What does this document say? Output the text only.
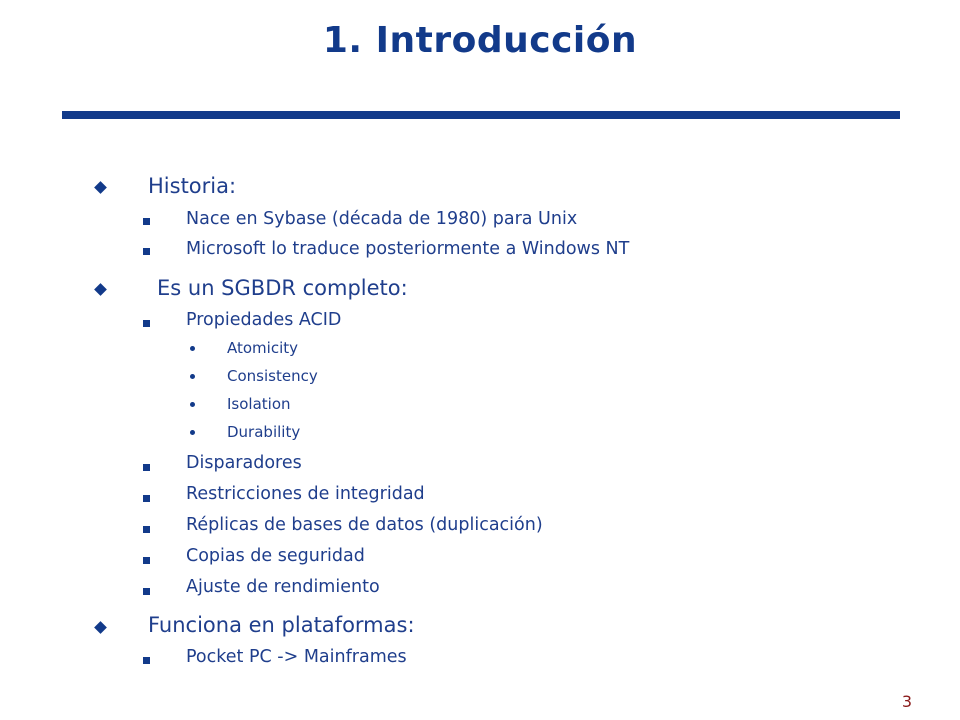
1. Introducción
Historia:
Nace en Sybase (década de 1980) para Unix
Microsoft lo traduce posteriormente a Windows NT
Es un SGBDR completo:
Propiedades ACID
Atomicity
Consistency
Isolation
Durability
Disparadores
Restricciones de integridad
Réplicas de bases de datos (duplicación)
Copias de seguridad
Ajuste de rendimiento
Funciona en plataformas:
Pocket PC -> Mainframes
3
